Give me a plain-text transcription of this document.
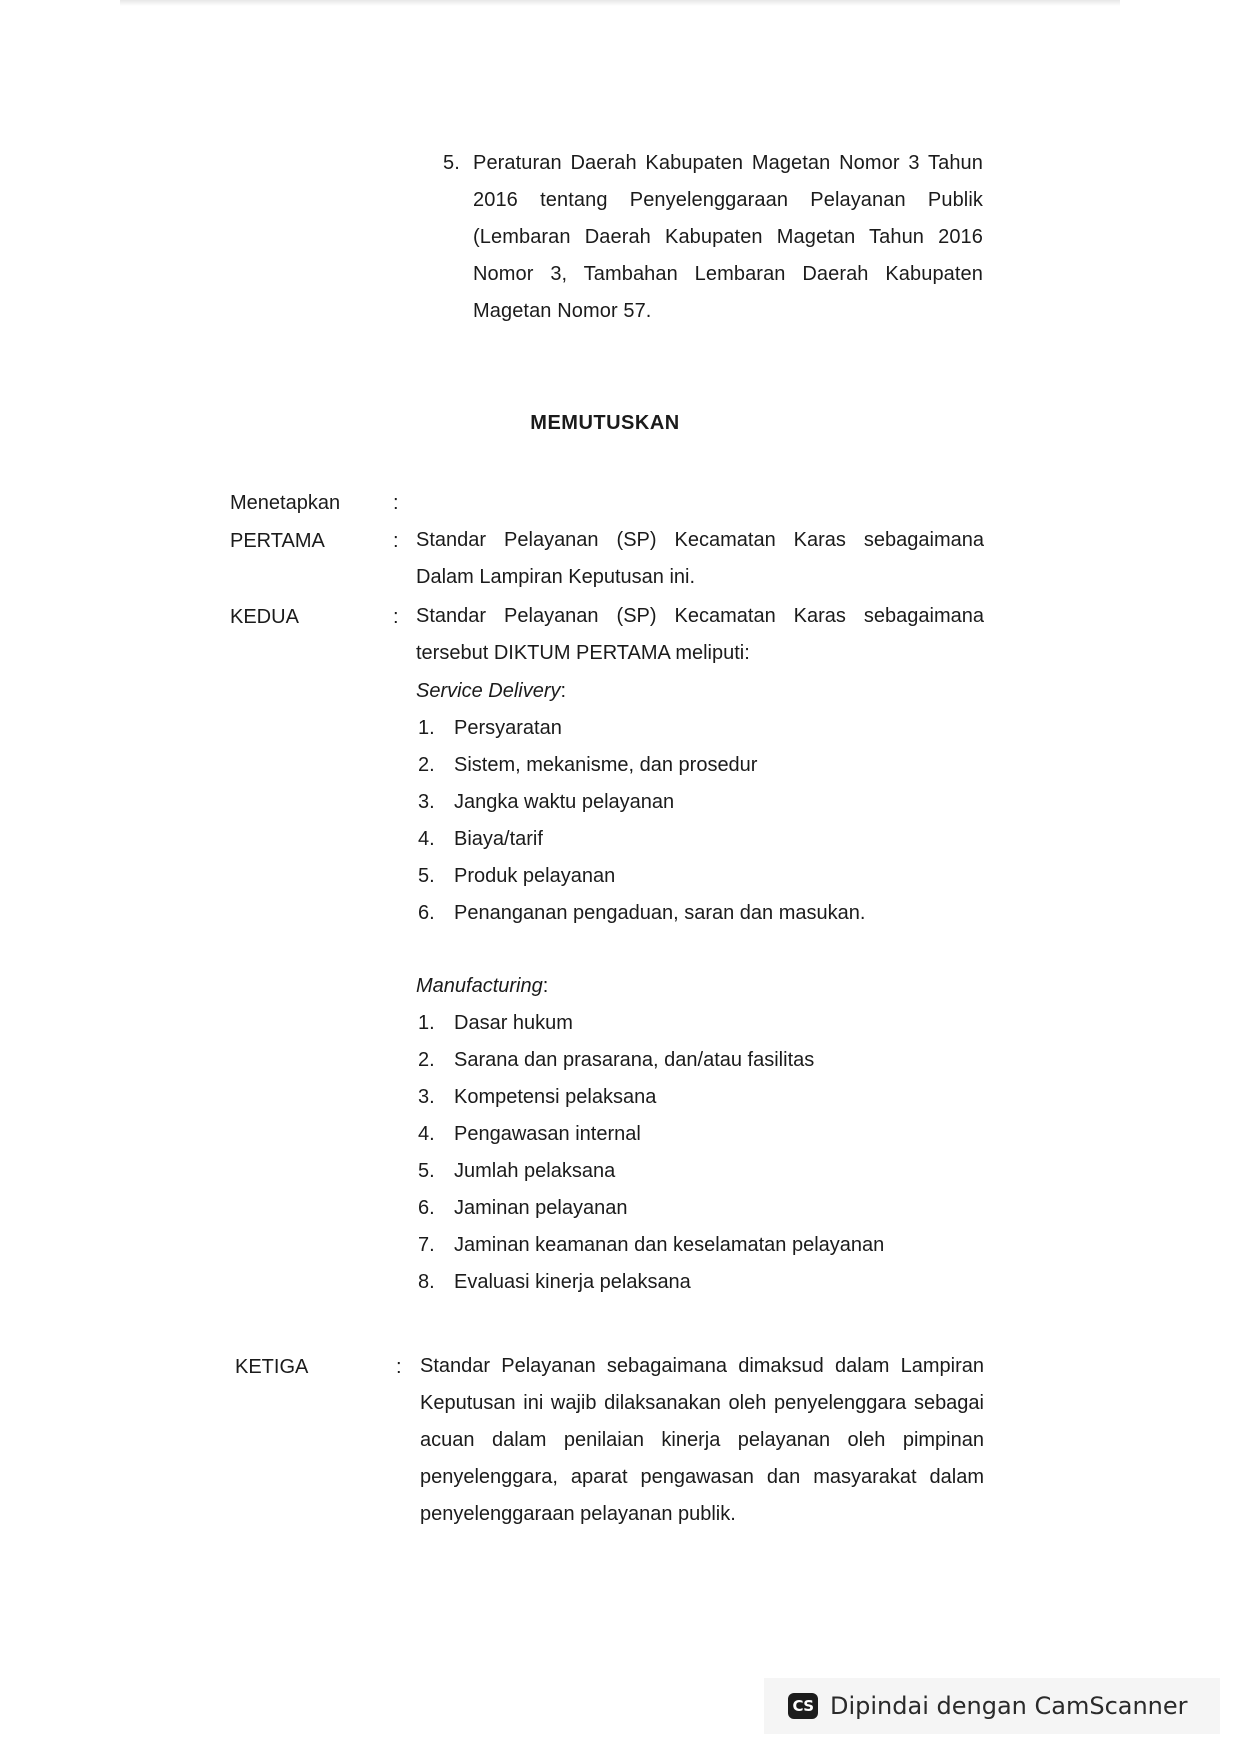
5. Peraturan Daerah Kabupaten Magetan Nomor 3 Tahun 2016 tentang Penyelenggaraan Pelayanan Publik (Lembaran Daerah Kabupaten Magetan Tahun 2016 Nomor 3, Tambahan Lembaran Daerah Kabupaten Magetan Nomor 57.
MEMUTUSKAN
Menetapkan	:
PERTAMA	: Standar Pelayanan (SP) Kecamatan Karas sebagaimana Dalam Lampiran Keputusan ini.
KEDUA	: Standar Pelayanan (SP) Kecamatan Karas sebagaimana tersebut DIKTUM PERTAMA meliputi:
Service Delivery:
1. Persyaratan
2. Sistem, mekanisme, dan prosedur
3. Jangka waktu pelayanan
4. Biaya/tarif
5. Produk pelayanan
6. Penanganan pengaduan, saran dan masukan.
Manufacturing:
1. Dasar hukum
2. Sarana dan prasarana, dan/atau fasilitas
3. Kompetensi pelaksana
4. Pengawasan internal
5. Jumlah pelaksana
6. Jaminan pelayanan
7. Jaminan keamanan dan keselamatan pelayanan
8. Evaluasi kinerja pelaksana
KETIGA	: Standar Pelayanan sebagaimana dimaksud dalam Lampiran Keputusan ini wajib dilaksanakan oleh penyelenggara sebagai acuan dalam penilaian kinerja pelayanan oleh pimpinan penyelenggara, aparat pengawasan dan masyarakat dalam penyelenggaraan pelayanan publik.
CS Dipindai dengan CamScanner
